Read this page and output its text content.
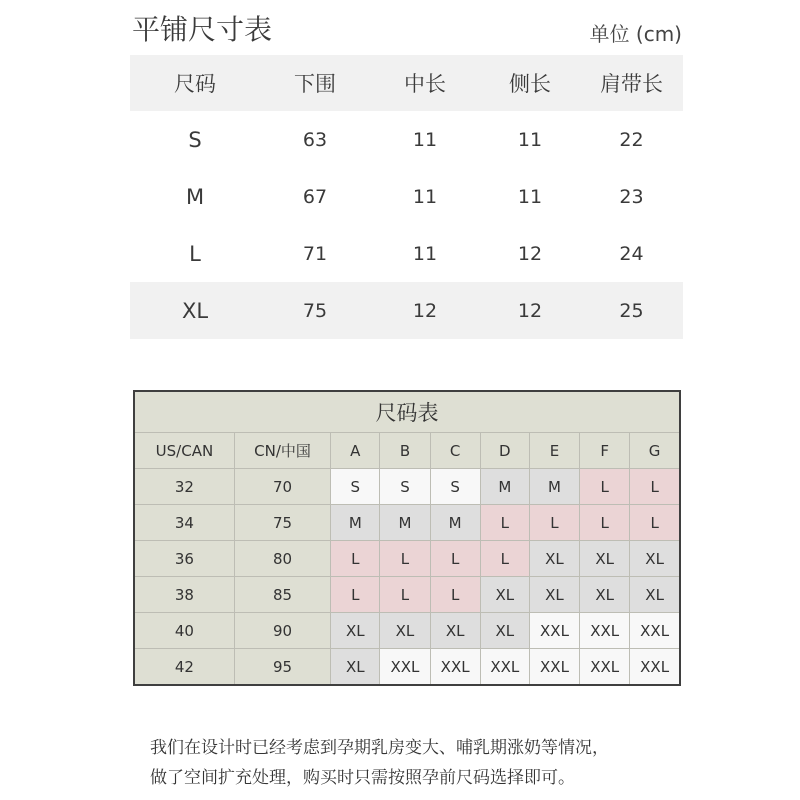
平铺尺寸表	单位 (cm)
尺码	下围	中长	侧长	肩带长
S	63	11	11	22
M	67	11	11	23
L	71	11	12	24
XL	75	12	12	25
尺码表								
US/CAN	CN/中国	A	B	C	D	E	F	G
32	70	S	S	S	M	M	L	L
34	75	M	M	M	L	L	L	L
36	80	L	L	L	L	XL	XL	XL
38	85	L	L	L	XL	XL	XL	XL
40	90	XL	XL	XL	XL	XXL	XXL	XXL
42	95	XL	XXL	XXL	XXL	XXL	XXL	XXL
我们在设计时已经考虑到孕期乳房变大、哺乳期涨奶等情况，
做了空间扩充处理，购买时只需按照孕前尺码选择即可。
